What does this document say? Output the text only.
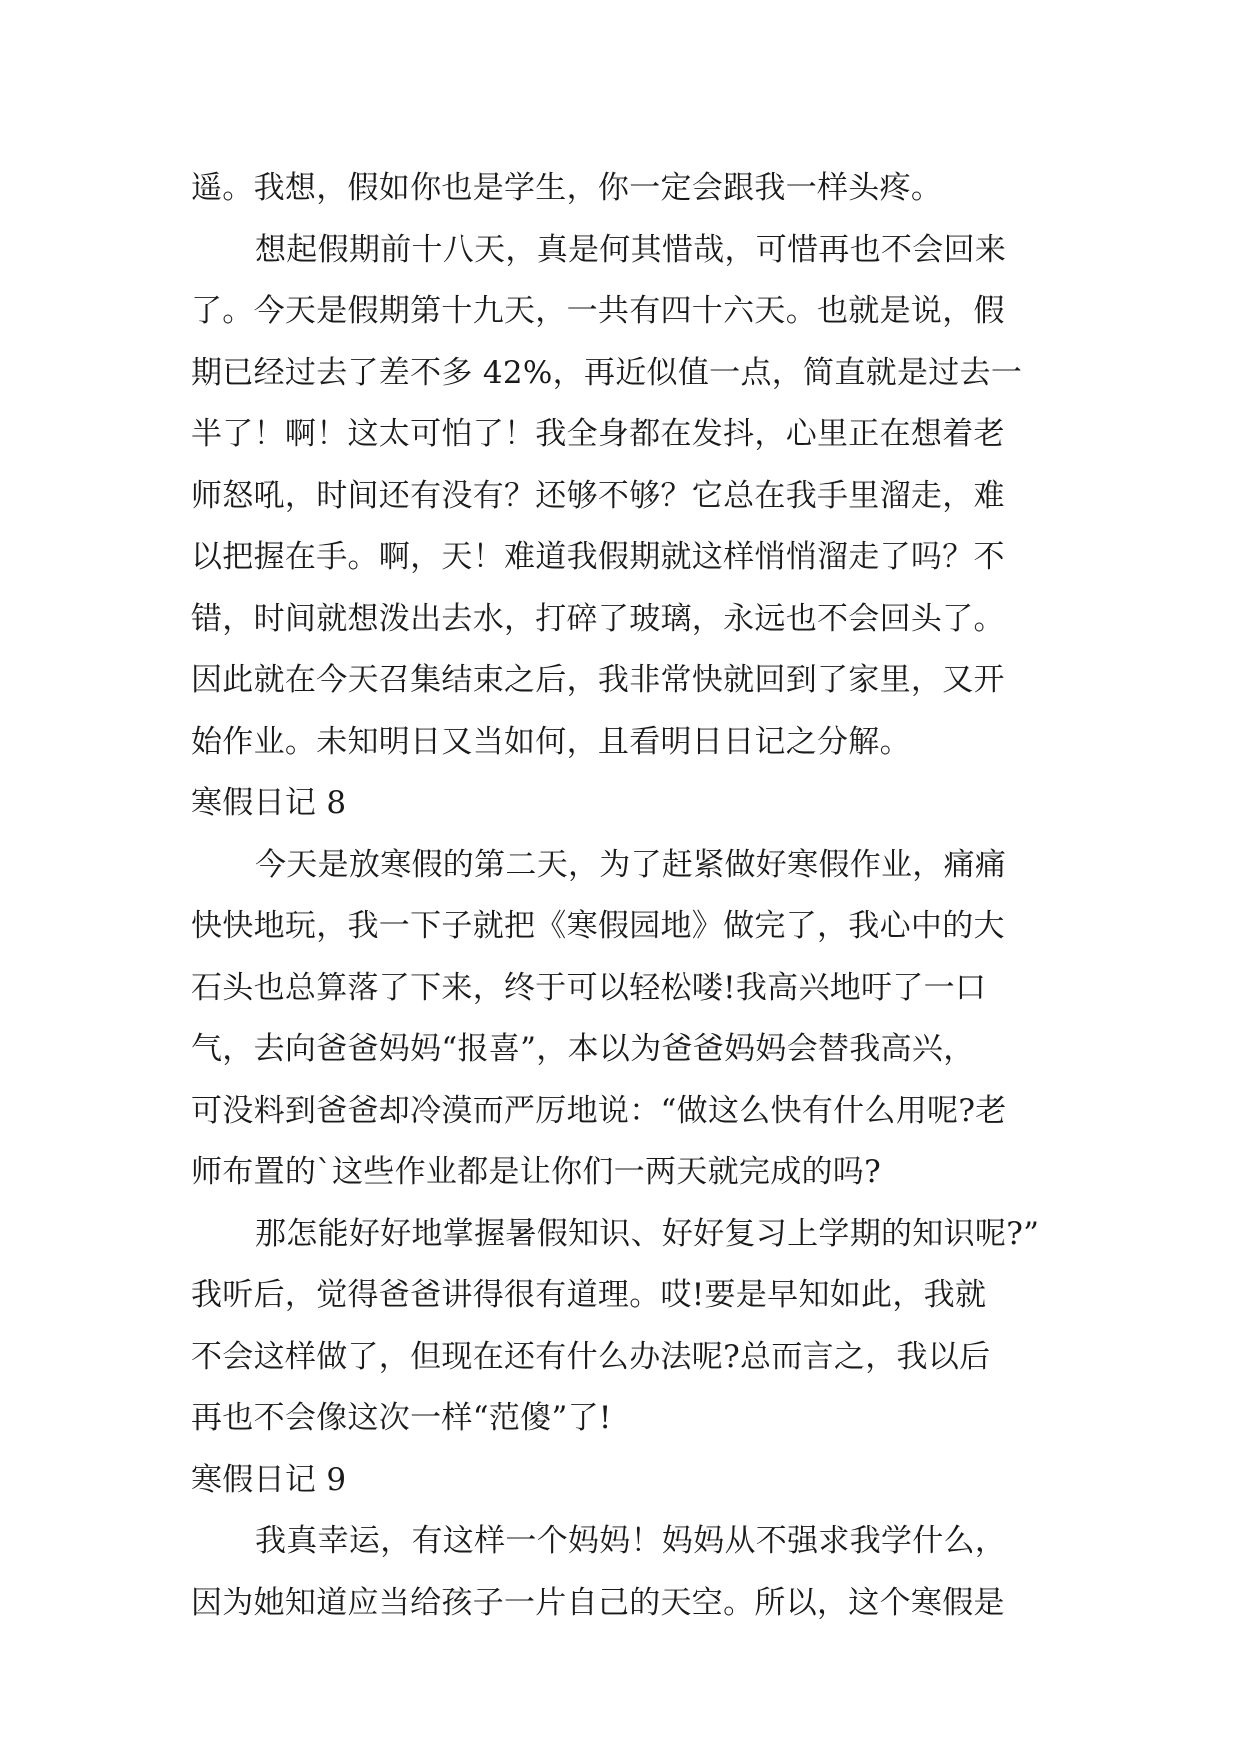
遥。我想，假如你也是学生，你一定会跟我一样头疼。
想起假期前十八天，真是何其惜哉，可惜再也不会回来
了。今天是假期第十九天，一共有四十六天。也就是说，假
期已经过去了差不多 42%，再近似值一点，简直就是过去一
半了！啊！这太可怕了！我全身都在发抖，心里正在想着老
师怒吼，时间还有没有？还够不够？它总在我手里溜走，难
以把握在手。啊，天！难道我假期就这样悄悄溜走了吗？不
错，时间就想泼出去水，打碎了玻璃，永远也不会回头了。
因此就在今天召集结束之后，我非常快就回到了家里，又开
始作业。未知明日又当如何，且看明日日记之分解。
寒假日记 8
今天是放寒假的第二天，为了赶紧做好寒假作业，痛痛
快快地玩，我一下子就把《寒假园地》做完了，我心中的大
石头也总算落了下来，终于可以轻松喽!我高兴地吁了一口
气，去向爸爸妈妈“报喜”，本以为爸爸妈妈会替我高兴，
可没料到爸爸却冷漠而严厉地说：“做这么快有什么用呢?老
师布置的`这些作业都是让你们一两天就完成的吗?
那怎能好好地掌握暑假知识、好好复习上学期的知识呢?”
我听后，觉得爸爸讲得很有道理。哎!要是早知如此，我就
不会这样做了，但现在还有什么办法呢?总而言之，我以后
再也不会像这次一样“范傻”了!
寒假日记 9
我真幸运，有这样一个妈妈！妈妈从不强求我学什么，
因为她知道应当给孩子一片自己的天空。所以，这个寒假是
